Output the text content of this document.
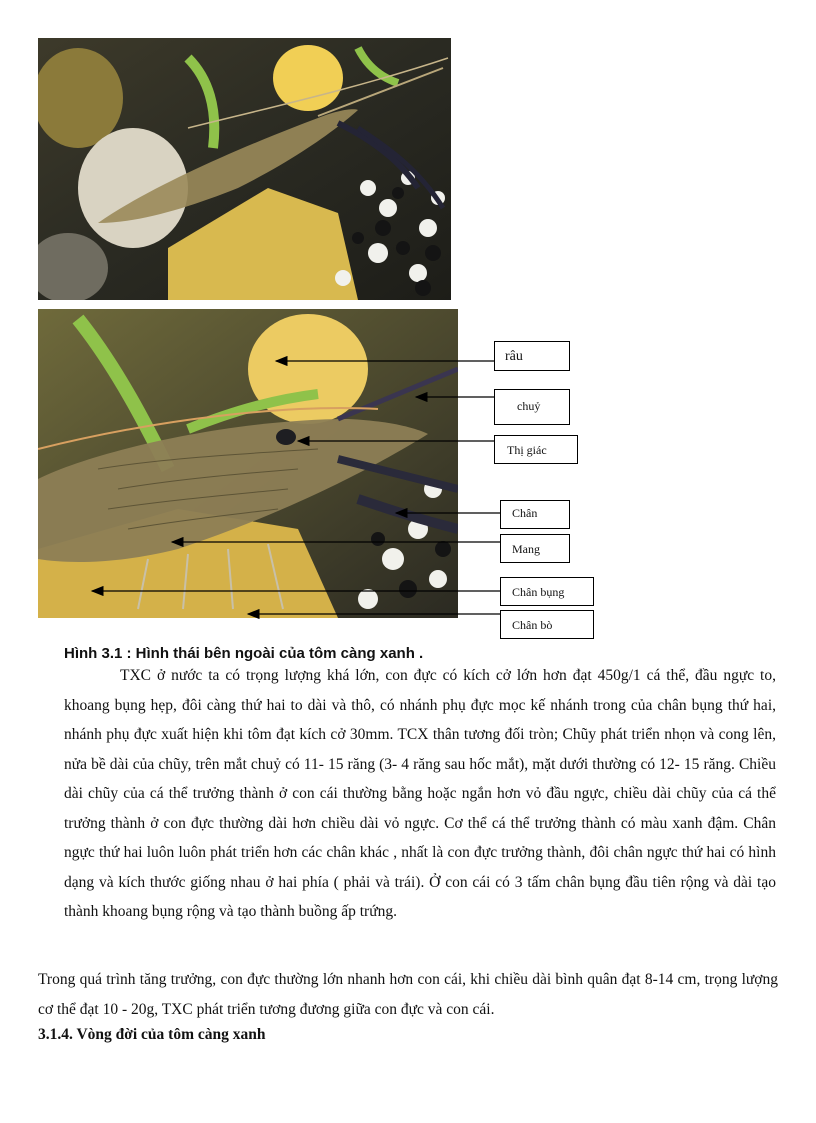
râu
chuỷ
Thị giác
Chân
Mang
Chân bụng
Chân bò

Hình 3.1 : Hình thái bên ngoài của tôm càng xanh .

TXC ở nước ta có trọng lượng khá lớn, con đực có kích cở lớn hơn đạt 450g/1 cá thể, đầu ngực to, khoang bụng hẹp, đôi càng thứ hai to dài và thô, có nhánh phụ đực mọc kế nhánh trong của chân bụng thứ hai, nhánh phụ đực xuất hiện khi tôm đạt kích cở 30mm. TCX thân tương đối tròn; Chũy phát triển nhọn và cong lên, nửa bề dài của chũy, trên mắt chuỷ có 11- 15 răng (3- 4 răng sau hốc mắt), mặt dưới thường có 12- 15 răng. Chiều dài chũy của cá thể trưởng thành ở con cái thường bằng hoặc ngắn hơn vỏ đầu ngực, chiều dài chũy của cá thể trưởng thành ở con đực thường dài hơn chiều dài vỏ ngực. Cơ thể cá thể trưởng thành có màu xanh đậm. Chân ngực thứ hai luôn luôn phát triển hơn các chân khác , nhất là con đực trưởng thành, đôi chân ngực thứ hai có hình dạng và kích thước giống nhau ở hai phía ( phải và trái). Ở con cái có 3 tấm chân bụng đầu tiên rộng và dài tạo thành khoang bụng rộng và tạo thành buồng ấp trứng.

Trong quá trình tăng trưởng, con đực thường lớn nhanh hơn con cái, khi chiều dài bình quân đạt 8-14 cm, trọng lượng cơ thể đạt 10 - 20g, TXC phát triển tương đương giữa con đực và con cái.

3.1.4. Vòng đời của tôm càng xanh
